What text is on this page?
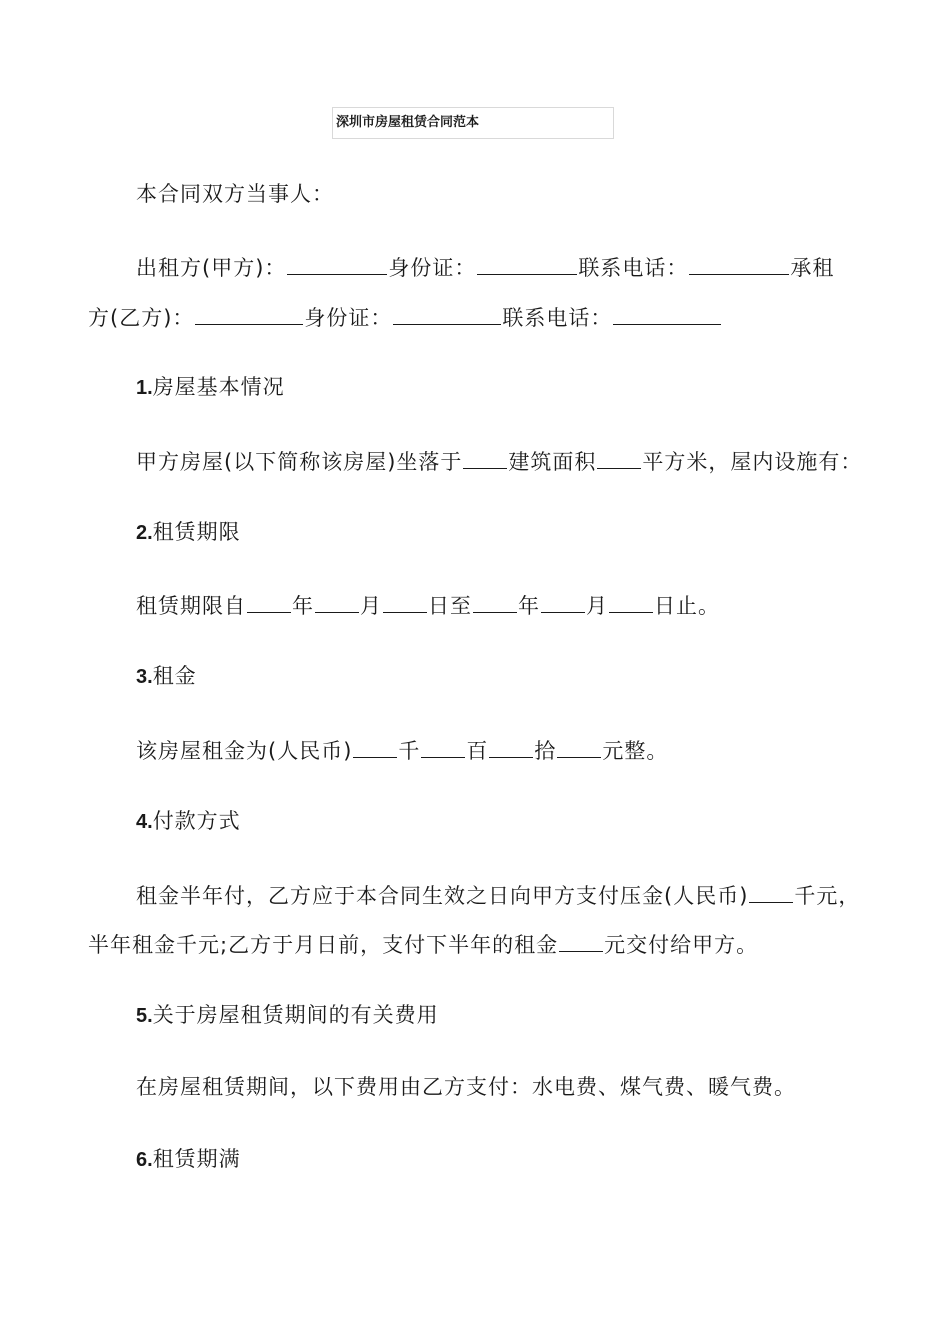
深圳市房屋租赁合同范本
本合同双方当事人：
出租方(甲方)：	身份证：	联系电话：	承租
方(乙方)：	身份证：	联系电话：
1.房屋基本情况
甲方房屋(以下简称该房屋)坐落于 建筑面积 平方米，屋内设施有：
2.租赁期限
租赁期限自 年 月 日至 年 月 日止。
3.租金
该房屋租金为(人民币) 千 百 拾 元整。
4.付款方式
租金半年付，乙方应于本合同生效之日向甲方支付压金(人民币) 千元，
半年租金千元;乙方于月日前，支付下半年的租金 元交付给甲方。
5.关于房屋租赁期间的有关费用
在房屋租赁期间，以下费用由乙方支付：水电费、煤气费、暖气费。
6.租赁期满
